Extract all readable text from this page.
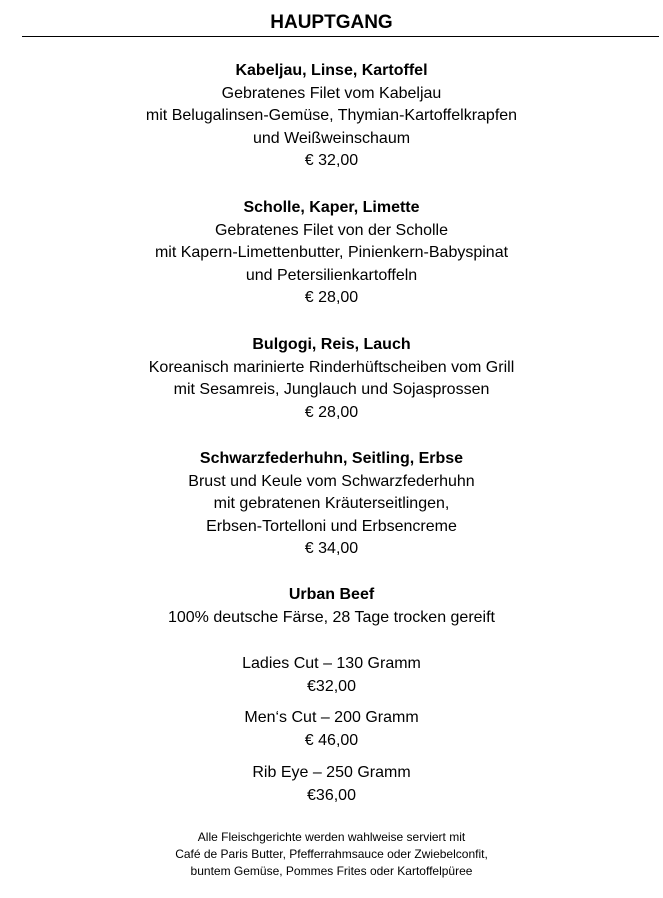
HAUPTGANG
Kabeljau, Linse, Kartoffel
Gebratenes Filet vom Kabeljau
mit Belugalinsen-Gemüse, Thymian-Kartoffelkrapfen
und Weißweinschaum
€ 32,00
Scholle, Kaper, Limette
Gebratenes Filet von der Scholle
mit Kapern-Limettenbutter, Pinienkern-Babyspinat
und Petersilienkartoffeln
€ 28,00
Bulgogi, Reis, Lauch
Koreanisch marinierte Rinderhüftscheiben vom Grill
mit Sesamreis, Junglauch und Sojasprossen
€ 28,00
Schwarzfederhuhn, Seitling, Erbse
Brust und Keule vom Schwarzfederhuhn
mit gebratenen Kräuterseitlingen,
Erbsen-Tortelloni und Erbsencreme
€ 34,00
Urban Beef
100% deutsche Färse, 28 Tage trocken gereift
Ladies Cut – 130 Gramm
€32,00
Men‘s Cut – 200 Gramm
€ 46,00
Rib Eye – 250 Gramm
€36,00
Alle Fleischgerichte werden wahlweise serviert mit
Café de Paris Butter, Pfefferrahmsauce oder Zwiebelconfit,
buntem Gemüse, Pommes Frites oder Kartoffelpüree
